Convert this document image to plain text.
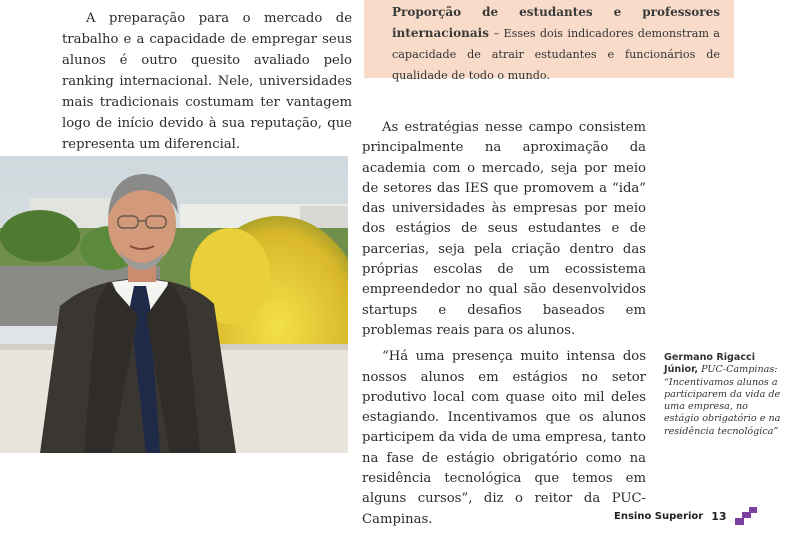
A preparação para o mercado de trabalho e a capacidade de empregar seus alunos é outro quesito avaliado pelo ranking internacional. Nele, universidades mais tradicionais costumam ter vantagem logo de início devido à sua reputação, que representa um diferencial.

Proporção de estudantes e professores internacionais – Esses dois indicadores demonstram a capacidade de atrair estudantes e funcionários de qualidade de todo o mundo.

As estratégias nesse campo consistem principalmente na aproximação da academia com o mercado, seja por meio de setores das IES que promovem a “ida” das universidades às empresas por meio dos estágios de seus estudantes e de parcerias, seja pela criação dentro das próprias escolas de um ecossistema empreendedor no qual são desenvolvidos startups e desafios baseados em problemas reais para os alunos.

“Há uma presença muito intensa dos nossos alunos em estágios no setor produtivo local com quase oito mil deles estagiando. Incentivamos que os alunos participem da vida de uma empresa, tanto na fase de estágio obrigatório como na residência tecnológica que temos em alguns cursos”, diz o reitor da PUC-Campinas.

Germano Rigacci Júnior, PUC-Campinas: “Incentivamos alunos a participarem da vida de uma empresa, no estágio obrigatório e na residência tecnológica”
Ensino Superior 13
